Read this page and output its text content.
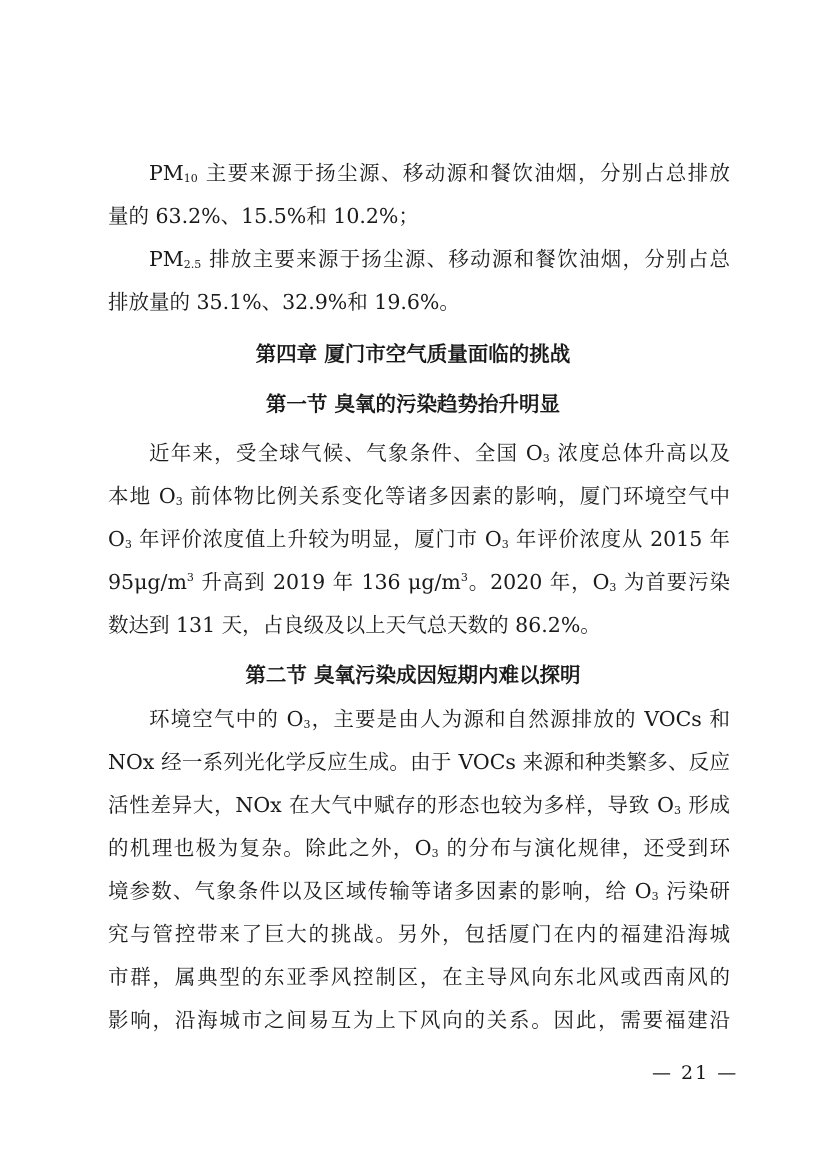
$PM_{10}$ 主要来源于扬尘源、移动源和餐饮油烟，分别占总排放
量的 63.2%、15.5%和 10.2%；
$PM_{2.5}$ 排放主要来源于扬尘源、移动源和餐饮油烟，分别占总
排放量的 35.1%、32.9%和 19.6%。
第四章 厦门市空气质量面临的挑战
第一节 臭氧的污染趋势抬升明显
近年来，受全球气候、气象条件、全国 $O_3$ 浓度总体升高以及
本地 $O_3$ 前体物比例关系变化等诸多因素的影响，厦门环境空气中
$O_3$ 年评价浓度值上升较为明显，厦门市 $O_3$ 年评价浓度从 2015 年
$95\mu g/m^3$ 升高到 2019 年 136 $\mu g/m^3$。2020 年，$O_3$ 为首要污染
数达到 131 天，占良级及以上天气总天数的 86.2%。
第二节 臭氧污染成因短期内难以探明
环境空气中的 $O_3$，主要是由人为源和自然源排放的 VOCs 和
NOx 经一系列光化学反应生成。由于 VOCs 来源和种类繁多、反应
活性差异大，NOx 在大气中赋存的形态也较为多样，导致 $O_3$ 形成
的机理也极为复杂。除此之外，$O_3$ 的分布与演化规律，还受到环
境参数、气象条件以及区域传输等诸多因素的影响，给 $O_3$ 污染研
究与管控带来了巨大的挑战。另外，包括厦门在内的福建沿海城
市群，属典型的东亚季风控制区，在主导风向东北风或西南风的
影响，沿海城市之间易互为上下风向的关系。因此，需要福建沿
— 21 —
